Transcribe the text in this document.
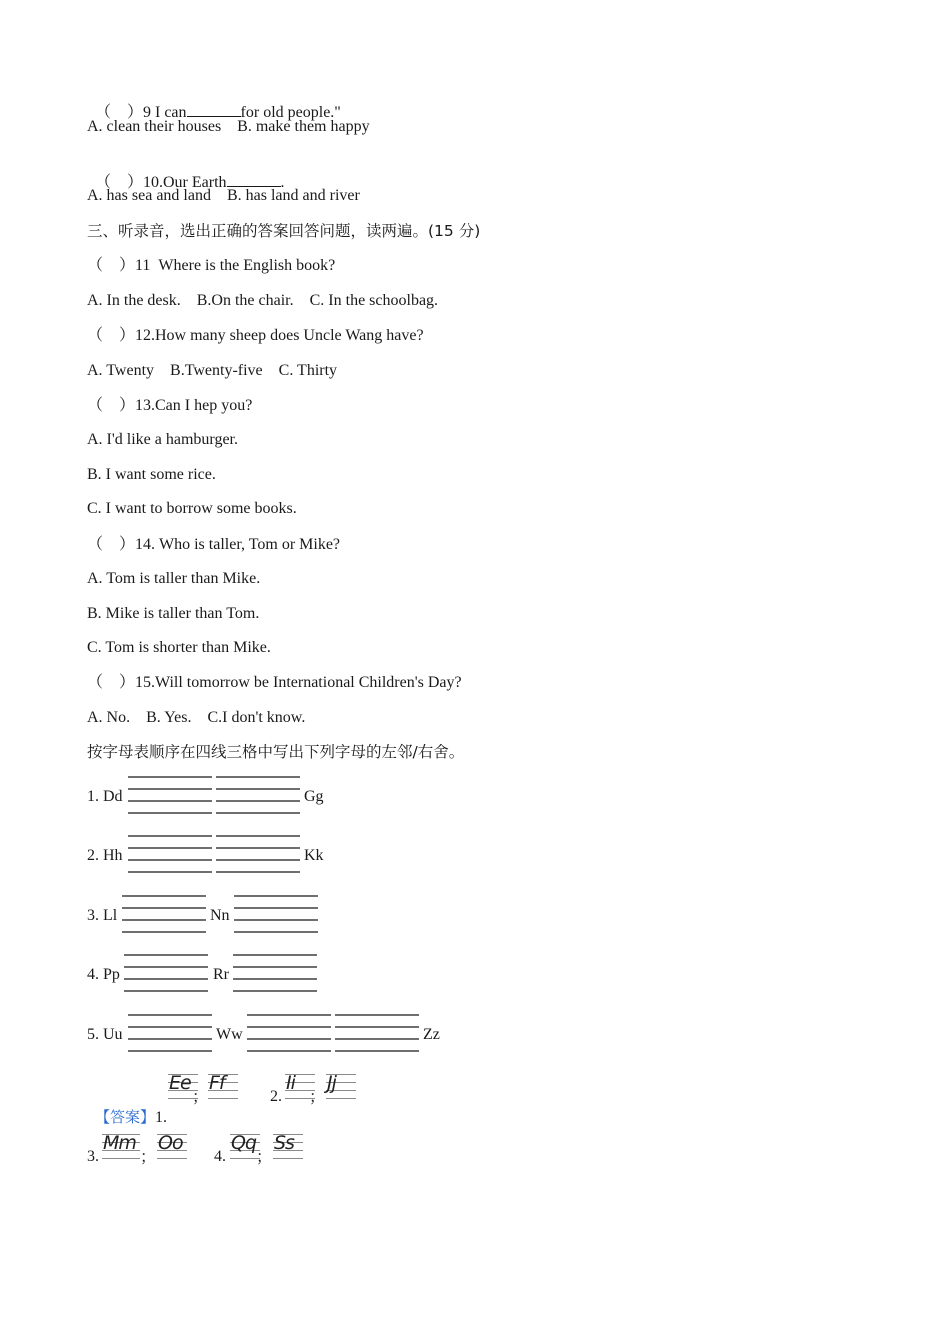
（    ）9 I can	for old people."

A. clean their houses    B. make them happy

（    ）10.Our Earth	.

A. has sea and land    B. has land and river
三、听录音，选出正确的答案回答问题，读两遍。(15 分)
（    ）11  Where is the English book?
A. In the desk.    B.On the chair.    C. In the schoolbag.
（    ）12.How many sheep does Uncle Wang have?
A. Twenty    B.Twenty-five    C. Thirty
（    ）13.Can I hep you?
A. I'd like a hamburger.
B. I want some rice.
C. I want to borrow some books.
（    ）14. Who is taller, Tom or Mike?
A. Tom is taller than Mike.
B. Mike is taller than Tom.
C. Tom is shorter than Mike.
（    ）15.Will tomorrow be International Children's Day?
A. No.    B. Yes.    C.I don't know.
按字母表顺序在四线三格中写出下列字母的左邻/右舍。
1. Dd	Gg
2. Hh	Kk
3. Ll	Nn
4. Pp	Rr
5. Uu	Ww	Zz

【答案】1.

Ee
；
Ff
2.
Ii
；
Jj
3.
Mm
；
Oo
4.
Qq
；
Ss
